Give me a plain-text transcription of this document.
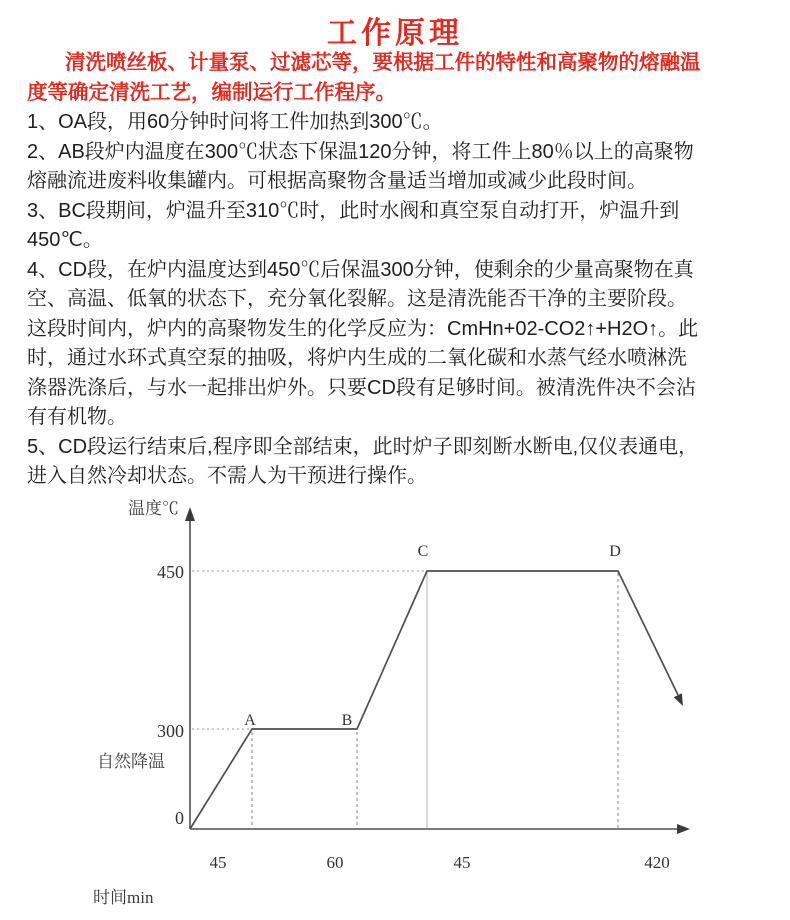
工作原理
清洗喷丝板、计量泵、过滤芯等，要根据工件的特性和高聚物的熔融温
度等确定清洗工艺，编制运行工作程序。
1、OA段，用60分钟时问将工件加热到300℃。
2、AB段炉内温度在300℃状态下保温120分钟，将工件上80％以上的高聚物
熔融流进废料收集罐内。可根据高聚物含量适当增加或减少此段时间。
3、BC段期间，炉温升至310℃时，此时水阀和真空泵自动打开，炉温升到
450℃。
4、CD段，在炉内温度达到450℃后保温300分钟，使剩余的少量高聚物在真
空、高温、低氧的状态下，充分氧化裂解。这是清洗能否干净的主要阶段。
这段时间内，炉内的高聚物发生的化学反应为：CmHn+02-CO2↑+H2O↑。此
时，通过水环式真空泵的抽吸，将炉内生成的二氧化碳和水蒸气经水喷淋洗
涤器洗涤后，与水一起排出炉外。只要CD段有足够时间。被清洗件决不会沾
有有机物。
5、CD段运行结束后,程序即全部结束，此时炉子即刻断水断电,仅仪表通电，
进入自然冷却状态。不需人为干预进行操作。
温度℃
450
300
0
A	B
C	D
45	60	45	420
自然降温
时间min
